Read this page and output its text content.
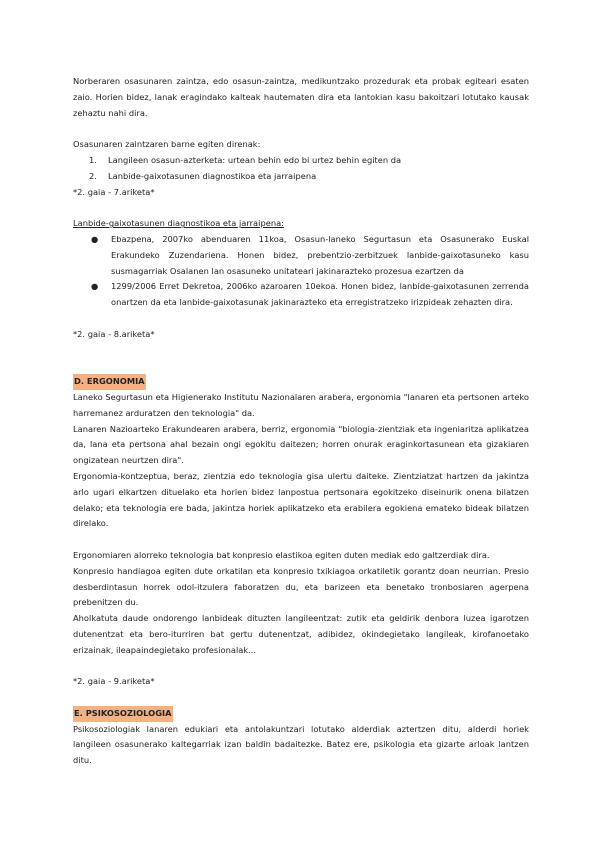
Norberaren osasunaren zaintza, edo osasun-zaintza, medikuntzako prozedurak eta probak egiteari esaten zaio. Horien bidez, lanak eragindako kalteak hautematen dira eta lantokian kasu bakoitzari lotutako kausak zehaztu nahi dira.

Osasunaren zaintzaren barne egiten direnak:

1. Langileen osasun-azterketa: urtean behin edo bi urtez behin egiten da
2. Lanbide-gaixotasunen diagnostikoa eta jarraipena

*2. gaia - 7.ariketa*

Lanbide-gaixotasunen diagnostikoa eta jarraipena:

● Ebazpena, 2007ko abenduaren 11koa, Osasun-laneko Segurtasun eta Osasunerako Euskal Erakundeko Zuzendariena. Honen bidez, prebentzio-zerbitzuek lanbide-gaixotasuneko kasu susmagarriak Osalanen lan osasuneko unitateari jakinarazteko prozesua ezartzen da
● 1299/2006 Erret Dekretoa, 2006ko azaroaren 10ekoa. Honen bidez, lanbide-gaixotasunen zerrenda onartzen da eta lanbide-gaixotasunak jakinarazteko eta erregistratzeko irizpideak zehazten dira.

*2. gaia - 8.ariketa*

D. ERGONOMIA

Laneko Segurtasun eta Higienerako Institutu Nazionalaren arabera, ergonomia "lanaren eta pertsonen arteko harremanez arduratzen den teknologia" da.

Lanaren Nazioarteko Erakundearen arabera, berriz, ergonomia "biologia-zientziak eta ingeniaritza aplikatzea da, lana eta pertsona ahal bezain ongi egokitu daitezen; horren onurak eraginkortasunean eta gizakiaren ongizatean neurtzen dira".

Ergonomia-kontzeptua, beraz, zientzia edo teknologia gisa ulertu daiteke. Zientziatzat hartzen da jakintza arlo ugari elkartzen dituelako eta horien bidez lanpostua pertsonara egokitzeko diseinurik onena bilatzen delako; eta teknologia ere bada, jakintza horiek aplikatzeko eta erabilera egokiena emateko bideak bilatzen direlako.

Ergonomiaren alorreko teknologia bat konpresio elastikoa egiten duten mediak edo galtzerdiak dira.

Konpresio handiagoa egiten dute orkatilan eta konpresio txikiagoa orkatiletik gorantz doan neurrian. Presio desberdintasun horrek odol-itzulera faboratzen du, eta barizeen eta benetako tronbosiaren agerpena prebenitzen du.

Aholkatuta daude ondorengo lanbideak dituzten langileentzat: zutik eta geldirik denbora luzea igarotzen dutenentzat eta bero-iturriren bat gertu dutenentzat, adibidez, okindegietako langileak, kirofanoetako erizainak, ileapaindegietako profesionalak...

*2. gaia - 9.ariketa*

E. PSIKOSOZIOLOGIA

Psikosoziologiak lanaren edukiari eta antolakuntzari lotutako alderdiak aztertzen ditu, alderdi horiek langileen osasunerako kaltegarriak izan baldin badaitezke. Batez ere, psikologia eta gizarte arloak lantzen ditu.
